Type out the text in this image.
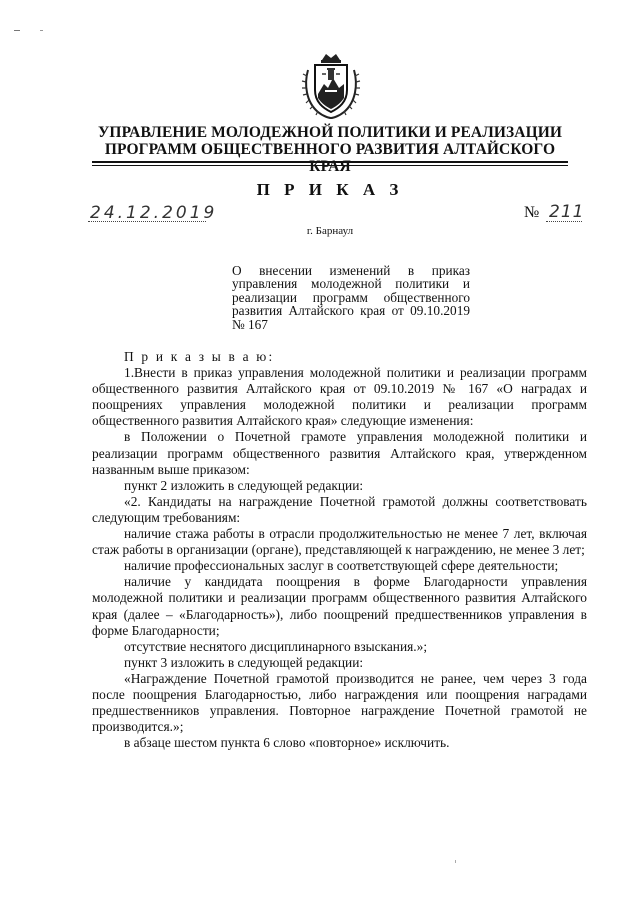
УПРАВЛЕНИЕ МОЛОДЕЖНОЙ ПОЛИТИКИ И РЕАЛИЗАЦИИ
ПРОГРАММ ОБЩЕСТВЕННОГО РАЗВИТИЯ АЛТАЙСКОГО КРАЯ
П Р И К А З
24.12.2019	№ 211
г. Барнаул
О внесении изменений в приказ управления молодежной политики и реализации программ общественного развития Алтайского края от 09.10.2019 № 167

П р и к а з ы в а ю:

1.Внести в приказ управления молодежной политики и реализации программ общественного развития Алтайского края от 09.10.2019 № 167 «О наградах и поощрениях управления молодежной политики и реализации программ общественного развития Алтайского края» следующие изменения:

в Положении о Почетной грамоте управления молодежной политики и реализации программ общественного развития Алтайского края, утвержденном названным выше приказом:

пункт 2 изложить в следующей редакции:

«2. Кандидаты на награждение Почетной грамотой должны соответствовать следующим требованиям:

наличие стажа работы в отрасли продолжительностью не менее 7 лет, включая стаж работы в организации (органе), представляющей к награждению, не менее 3 лет;

наличие профессиональных заслуг в соответствующей сфере деятельности;

наличие у кандидата поощрения в форме Благодарности управления молодежной политики и реализации программ общественного развития Алтайского края (далее – «Благодарность»), либо поощрений предшественников управления в форме Благодарности;

отсутствие неснятого дисциплинарного взыскания.»;

пункт 3 изложить в следующей редакции:

«Награждение Почетной грамотой производится не ранее, чем через 3 года после поощрения Благодарностью, либо награждения или поощрения наградами предшественников управления. Повторное награждение Почетной грамотой не производится.»;

в абзаце шестом пункта 6 слово «повторное» исключить.
